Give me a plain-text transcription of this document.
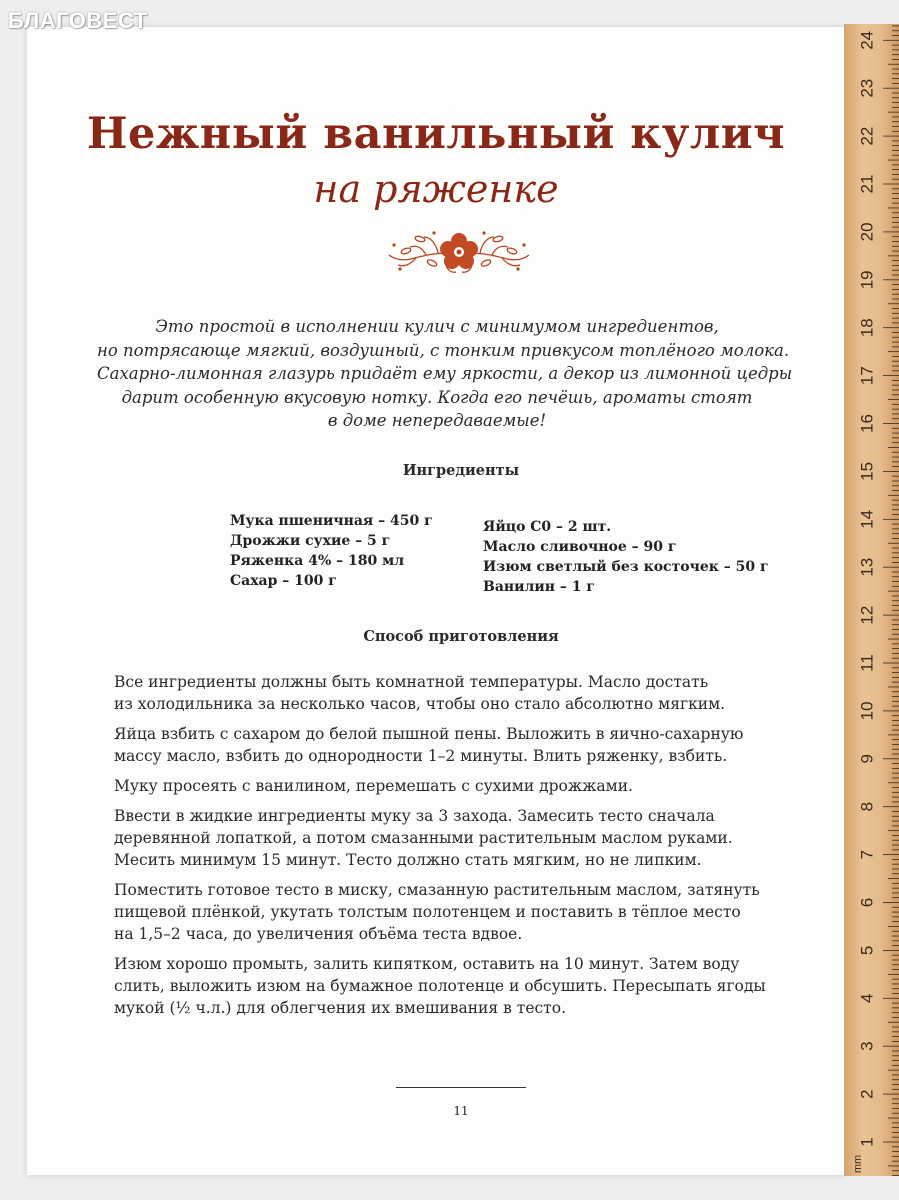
БЛАГОВЕСТ
Нежный ванильный кулич
на ряженке
Это простой в исполнении кулич с минимумом ингредиентов,
но потрясающе мягкий, воздушный, с тонким привкусом топлёного молока.
Сахарно-лимонная глазурь придаёт ему яркости, а декор из лимонной цедры
дарит особенную вкусовую нотку. Когда его печёшь, ароматы стоят
в доме непередаваемые!
Ингредиенты
Мука пшеничная – 450 г
Дрожжи сухие – 5 г
Ряженка 4% – 180 мл
Сахар – 100 г
Яйцо С0 – 2 шт.
Масло сливочное – 90 г
Изюм светлый без косточек – 50 г
Ванилин – 1 г
Способ приготовления

Все ингредиенты должны быть комнатной температуры. Масло достать
из холодильника за несколько часов, чтобы оно стало абсолютно мягким.

Яйца взбить с сахаром до белой пышной пены. Выложить в яично-сахарную
массу масло, взбить до однородности 1–2 минуты. Влить ряженку, взбить.

Муку просеять с ванилином, перемешать с сухими дрожжами.

Ввести в жидкие ингредиенты муку за 3 захода. Замесить тесто сначала
деревянной лопаткой, а потом смазанными растительным маслом руками.
Месить минимум 15 минут. Тесто должно стать мягким, но не липким.

Поместить готовое тесто в миску, смазанную растительным маслом, затянуть
пищевой плёнкой, укутать толстым полотенцем и поставить в тёплое место
на 1,5–2 часа, до увеличения объёма теста вдвое.

Изюм хорошо промыть, залить кипятком, оставить на 10 минут. Затем воду
слить, выложить изюм на бумажное полотенце и обсушить. Пересыпать ягоды
мукой (½ ч.л.) для облегчения их вмешивания в тесто.

11
1
2
3
4
5
6
7
8
9
10
11
12
13
14
15
16
17
18
19
20
21
22
23
24
mm
